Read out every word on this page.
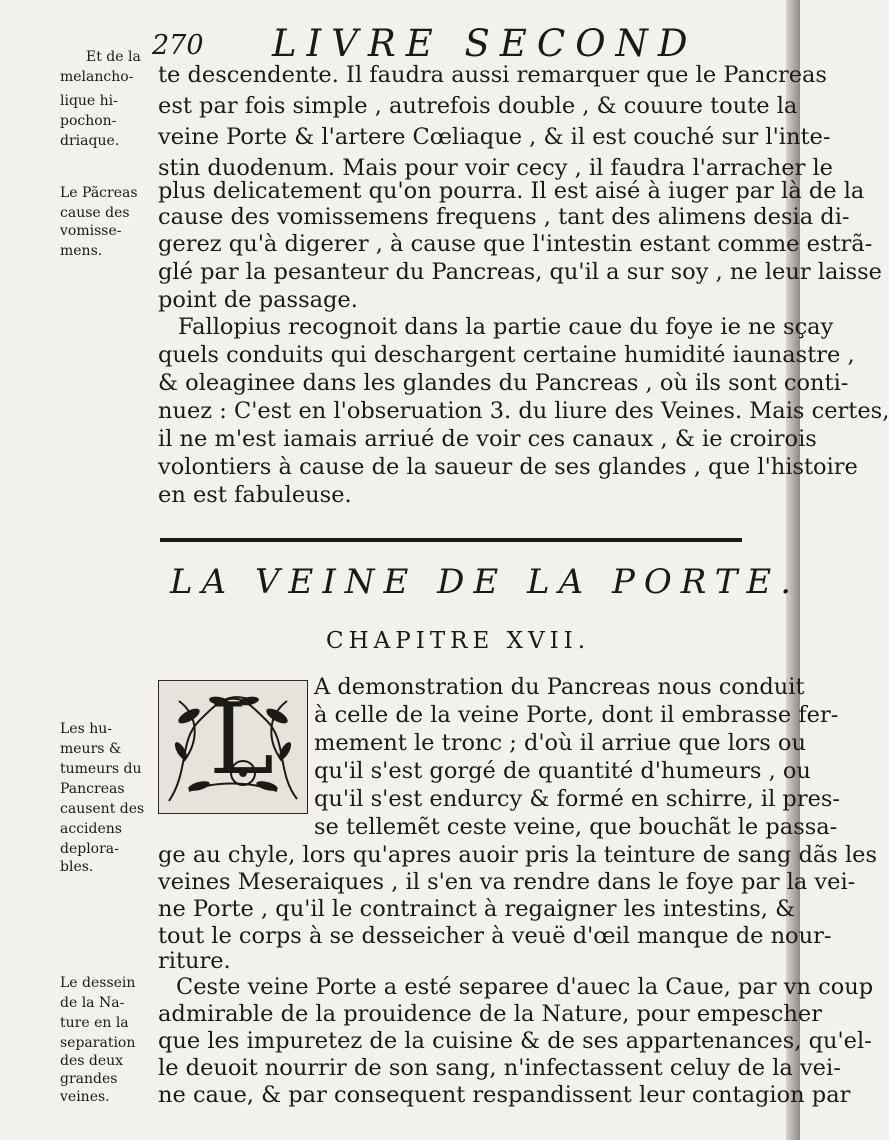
270 LIVRE SECOND
te descendente. Il faudra aussi remarquer que le Pancreas
est par fois simple , autrefois double , & couure toute la
veine Porte & l'artere Cœliaque , & il est couché sur l'inte-
stin duodenum. Mais pour voir cecy , il faudra l'arracher le
plus delicatement qu'on pourra. Il est aisé à iuger par là de la
cause des vomissemens frequens , tant des alimens desia di-
gerez qu'à digerer , à cause que l'intestin estant comme estrã-
glé par la pesanteur du Pancreas, qu'il a sur soy , ne leur laisse
point de passage.
Fallopius recognoit dans la partie caue du foye ie ne sçay
quels conduits qui deschargent certaine humidité iaunastre ,
& oleaginee dans les glandes du Pancreas , où ils sont conti-
nuez : C'est en l'obseruation 3. du liure des Veines. Mais certes,
il ne m'est iamais arriué de voir ces canaux , & ie croirois
volontiers à cause de la saueur de ses glandes , que l'histoire
en est fabuleuse.
Et de la
melancho-
lique hi-
pochon-
driaque.
Le Pãcreas
cause des
vomisse-
mens.
LA VEINE DE LA PORTE.
CHAPITRE XVII.
L A demonstration du Pancreas nous conduit
à celle de la veine Porte, dont il embrasse fer-
mement le tronc ; d'où il arriue que lors ou
qu'il s'est gorgé de quantité d'humeurs , ou
qu'il s'est endurcy & formé en schirre, il pres-
se tellemẽt ceste veine, que bouchãt le passa-
ge au chyle, lors qu'apres auoir pris la teinture de sang dãs les
veines Meseraiques , il s'en va rendre dans le foye par la vei-
ne Porte , qu'il le contrainct à regaigner les intestins, &
tout le corps à se desseicher à veuë d'œil manque de nour-
riture.
Ceste veine Porte a esté separee d'auec la Caue, par vn coup
admirable de la prouidence de la Nature, pour empescher
que les impuretez de la cuisine & de ses appartenances, qu'el-
le deuoit nourrir de son sang, n'infectassent celuy de la vei-
ne caue, & par consequent respandissent leur contagion par
Les hu-
meurs &
tumeurs du
Pancreas
causent des
accidens
deplora-
bles.
Le dessein
de la Na-
ture en la
separation
des deux
grandes
veines.
